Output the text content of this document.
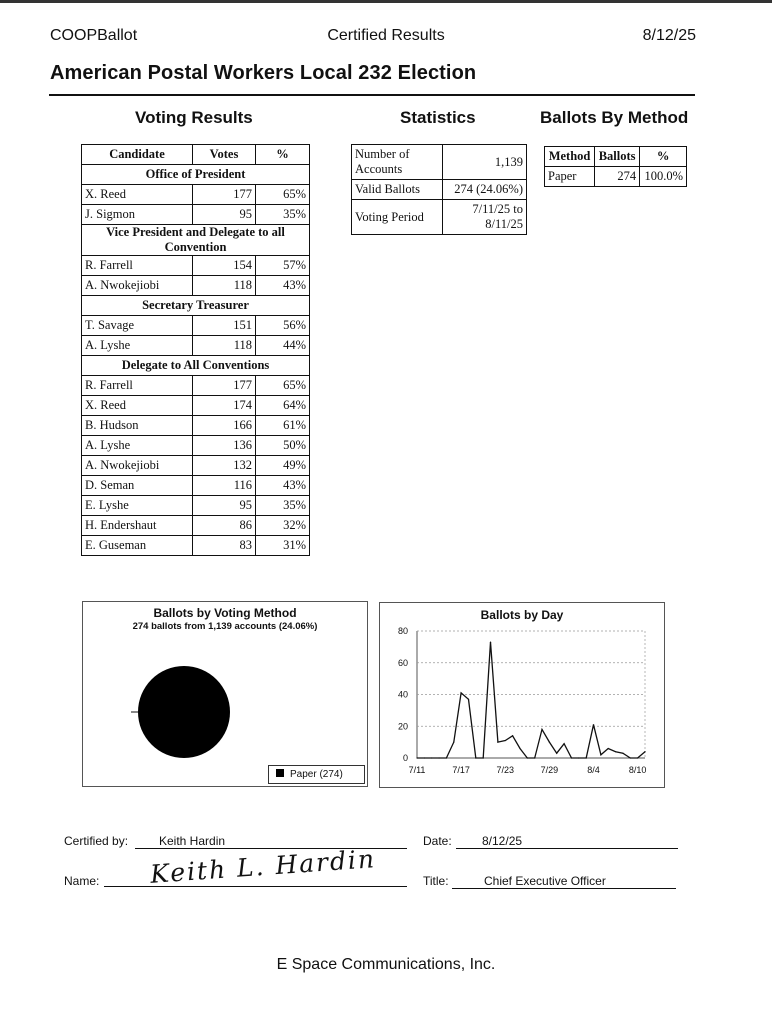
COOPBallot	Certified Results	8/12/25
American Postal Workers Local 232 Election
Voting Results	Statistics	Ballots By Method
Candidate	Votes	%
Office of President		
X. Reed	177	65%
J. Sigmon	95	35%
Vice President and Delegate to all Convention		
R. Farrell	154	57%
A. Nwokejiobi	118	43%
Secretary Treasurer		
T. Savage	151	56%
A. Lyshe	118	44%
Delegate to All Conventions		
R. Farrell	177	65%
X. Reed	174	64%
B. Hudson	166	61%
A. Lyshe	136	50%
A. Nwokejiobi	132	49%
D. Seman	116	43%
E. Lyshe	95	35%
H. Endershaut	86	32%
E. Guseman	83	31%
Number of Accounts	1,139
Valid Ballots	274 (24.06%)
Voting Period	7/11/25 to 8/11/25
Method	Ballots	%
Paper	274	100.0%
Ballots by Voting Method
274 ballots from 1,139 accounts (24.06%)
Paper (274)
Ballots by Day
0
20
40
60
80
7/11	7/17	7/23	7/29	8/4	8/10
Certified by:	Keith Hardin	Date:	8/12/25
Name: Keith L. Hardin	Title:	Chief Executive Officer
E Space Communications, Inc.
